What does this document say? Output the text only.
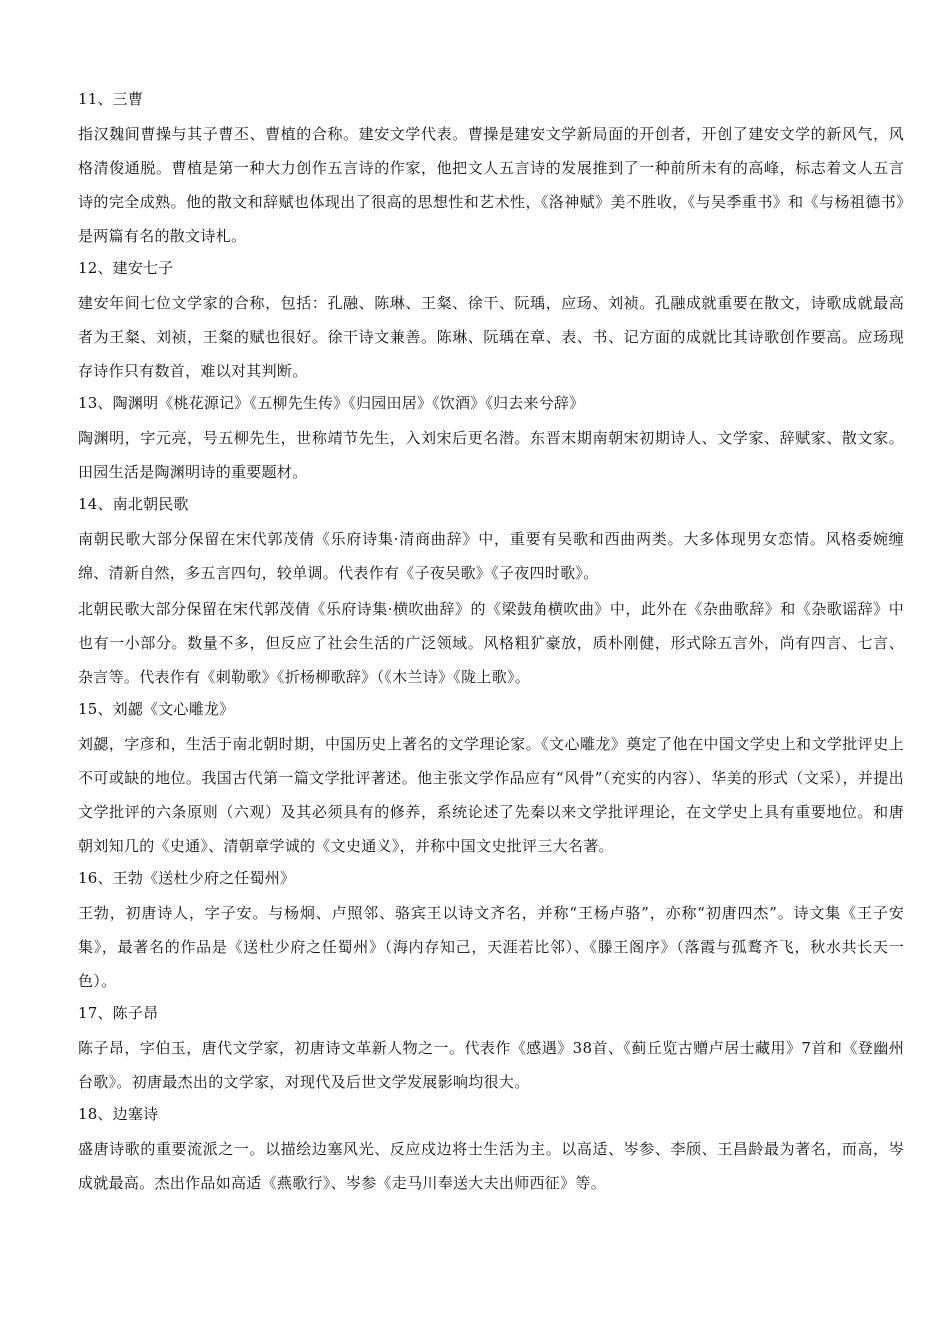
11、三曹

指汉魏间曹操与其子曹丕、曹植的合称。建安文学代表。曹操是建安文学新局面的开创者，开创了建安文学的新风气，风格清俊通脱。曹植是第一种大力创作五言诗的作家，他把文人五言诗的发展推到了一种前所未有的高峰，标志着文人五言诗的完全成熟。他的散文和辞赋也体现出了很高的思想性和艺术性，《洛神赋》美不胜收，《与吴季重书》和《与杨祖德书》是两篇有名的散文诗札。

12、建安七子

建安年间七位文学家的合称，包括：孔融、陈琳、王粲、徐干、阮瑀，应玚、刘祯。孔融成就重要在散文，诗歌成就最高者为王粲、刘祯，王粲的赋也很好。徐干诗文兼善。陈琳、阮瑀在章、表、书、记方面的成就比其诗歌创作要高。应玚现存诗作只有数首，难以对其判断。

13、陶渊明《桃花源记》《五柳先生传》《归园田居》《饮酒》《归去来兮辞》

陶渊明，字元亮，号五柳先生，世称靖节先生，入刘宋后更名潜。东晋末期南朝宋初期诗人、文学家、辞赋家、散文家。田园生活是陶渊明诗的重要题材。

14、南北朝民歌

南朝民歌大部分保留在宋代郭茂倩《乐府诗集·清商曲辞》中，重要有吴歌和西曲两类。大多体现男女恋情。风格委婉缠绵、清新自然，多五言四句，较单调。代表作有《子夜吴歌》《子夜四时歌》。

北朝民歌大部分保留在宋代郭茂倩《乐府诗集·横吹曲辞》的《梁鼓角横吹曲》中，此外在《杂曲歌辞》和《杂歌谣辞》中也有一小部分。数量不多，但反应了社会生活的广泛领域。风格粗犷豪放，质朴刚健，形式除五言外，尚有四言、七言、杂言等。代表作有《刺勒歌》《折杨柳歌辞》（《木兰诗》《陇上歌》。

15、刘勰《文心雕龙》

刘勰，字彦和，生活于南北朝时期，中国历史上著名的文学理论家。《文心雕龙》奠定了他在中国文学史上和文学批评史上不可或缺的地位。我国古代第一篇文学批评著述。他主张文学作品应有“风骨”（充实的内容）、华美的形式（文采），并提出文学批评的六条原则（六观）及其必须具有的修养，系统论述了先秦以来文学批评理论，在文学史上具有重要地位。和唐朝刘知几的《史通》、清朝章学诚的《文史通义》，并称中国文史批评三大名著。

16、王勃《送杜少府之任蜀州》

王勃，初唐诗人，字子安。与杨炯、卢照邻、骆宾王以诗文齐名，并称“王杨卢骆”，亦称“初唐四杰”。诗文集《王子安集》，最著名的作品是《送杜少府之任蜀州》（海内存知己，天涯若比邻）、《滕王阁序》（落霞与孤鹜齐飞，秋水共长天一色）。

17、陈子昂

陈子昂，字伯玉，唐代文学家，初唐诗文革新人物之一。代表作《感遇》38首、《蓟丘览古赠卢居士藏用》7首和《登幽州台歌》。初唐最杰出的文学家，对现代及后世文学发展影响均很大。

18、边塞诗

盛唐诗歌的重要流派之一。以描绘边塞风光、反应戍边将士生活为主。以高适、岑参、李颀、王昌龄最为著名，而高，岑成就最高。杰出作品如高适《燕歌行》、岑参《走马川奉送大夫出师西征》等。
